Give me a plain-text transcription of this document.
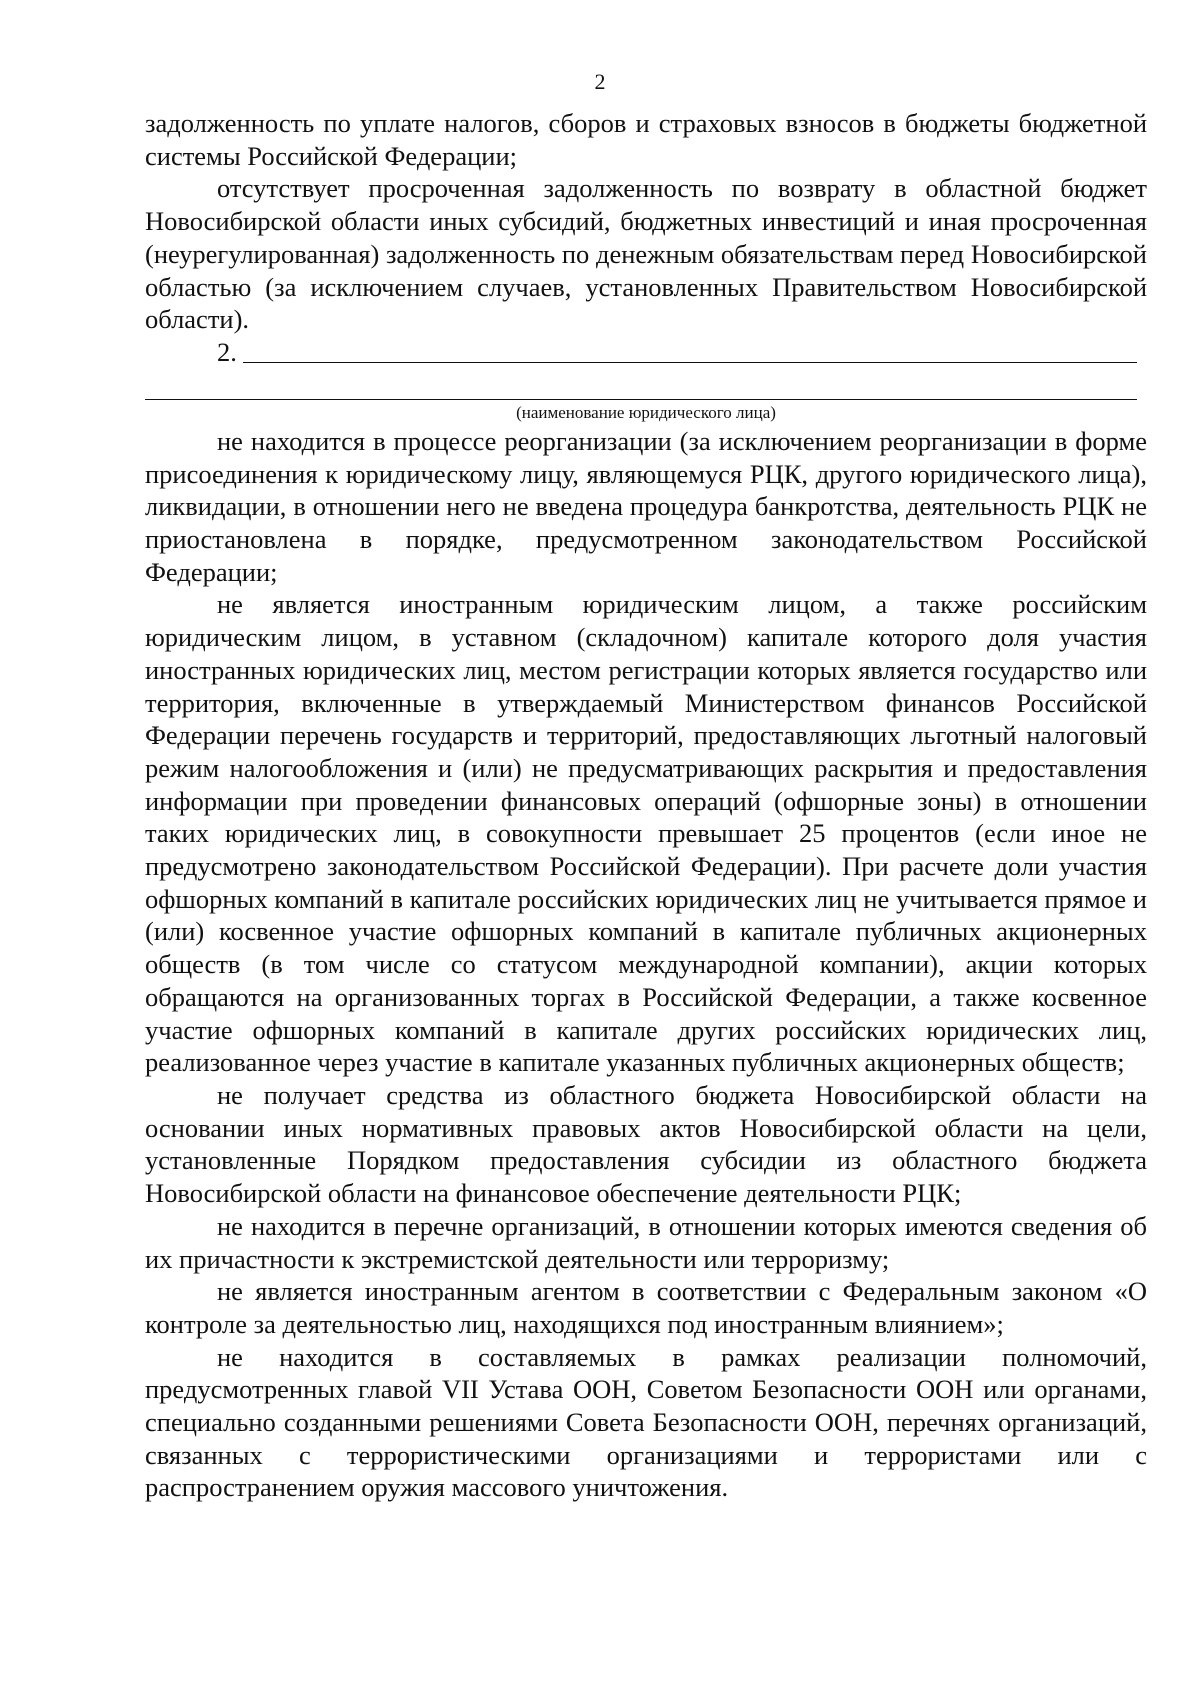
2

задолженность по уплате налогов, сборов и страховых взносов в бюджеты бюджетной системы Российской Федерации;

отсутствует просроченная задолженность по возврату в областной бюджет Новосибирской области иных субсидий, бюджетных инвестиций и иная просроченная (неурегулированная) задолженность по денежным обязательствам перед Новосибирской областью (за исключением случаев, установленных Правительством Новосибирской области).

2.
(наименование юридического лица)

не находится в процессе реорганизации (за исключением реорганизации в форме присоединения к юридическому лицу, являющемуся РЦК, другого юридического лица), ликвидации, в отношении него не введена процедура банкротства, деятельность РЦК не приостановлена в порядке, предусмотренном законодательством Российской Федерации;

не является иностранным юридическим лицом, а также российским юридическим лицом, в уставном (складочном) капитале которого доля участия иностранных юридических лиц, местом регистрации которых является государство или территория, включенные в утверждаемый Министерством финансов Российской Федерации перечень государств и территорий, предоставляющих льготный налоговый режим налогообложения и (или) не предусматривающих раскрытия и предоставления информации при проведении финансовых операций (офшорные зоны) в отношении таких юридических лиц, в совокупности превышает 25 процентов (если иное не предусмотрено законодательством Российской Федерации). При расчете доли участия офшорных компаний в капитале российских юридических лиц не учитывается прямое и (или) косвенное участие офшорных компаний в капитале публичных акционерных обществ (в том числе со статусом международной компании), акции которых обращаются на организованных торгах в Российской Федерации, а также косвенное участие офшорных компаний в капитале других российских юридических лиц, реализованное через участие в капитале указанных публичных акционерных обществ;

не получает средства из областного бюджета Новосибирской области на основании иных нормативных правовых актов Новосибирской области на цели, установленные Порядком предоставления субсидии из областного бюджета Новосибирской области на финансовое обеспечение деятельности РЦК;

не находится в перечне организаций, в отношении которых имеются сведения об их причастности к экстремистской деятельности или терроризму;

не является иностранным агентом в соответствии с Федеральным законом «О контроле за деятельностью лиц, находящихся под иностранным влиянием»;

не находится в составляемых в рамках реализации полномочий, предусмотренных главой VII Устава ООН, Советом Безопасности ООН или органами, специально созданными решениями Совета Безопасности ООН, перечнях организаций, связанных с террористическими организациями и террористами или с распространением оружия массового уничтожения.
